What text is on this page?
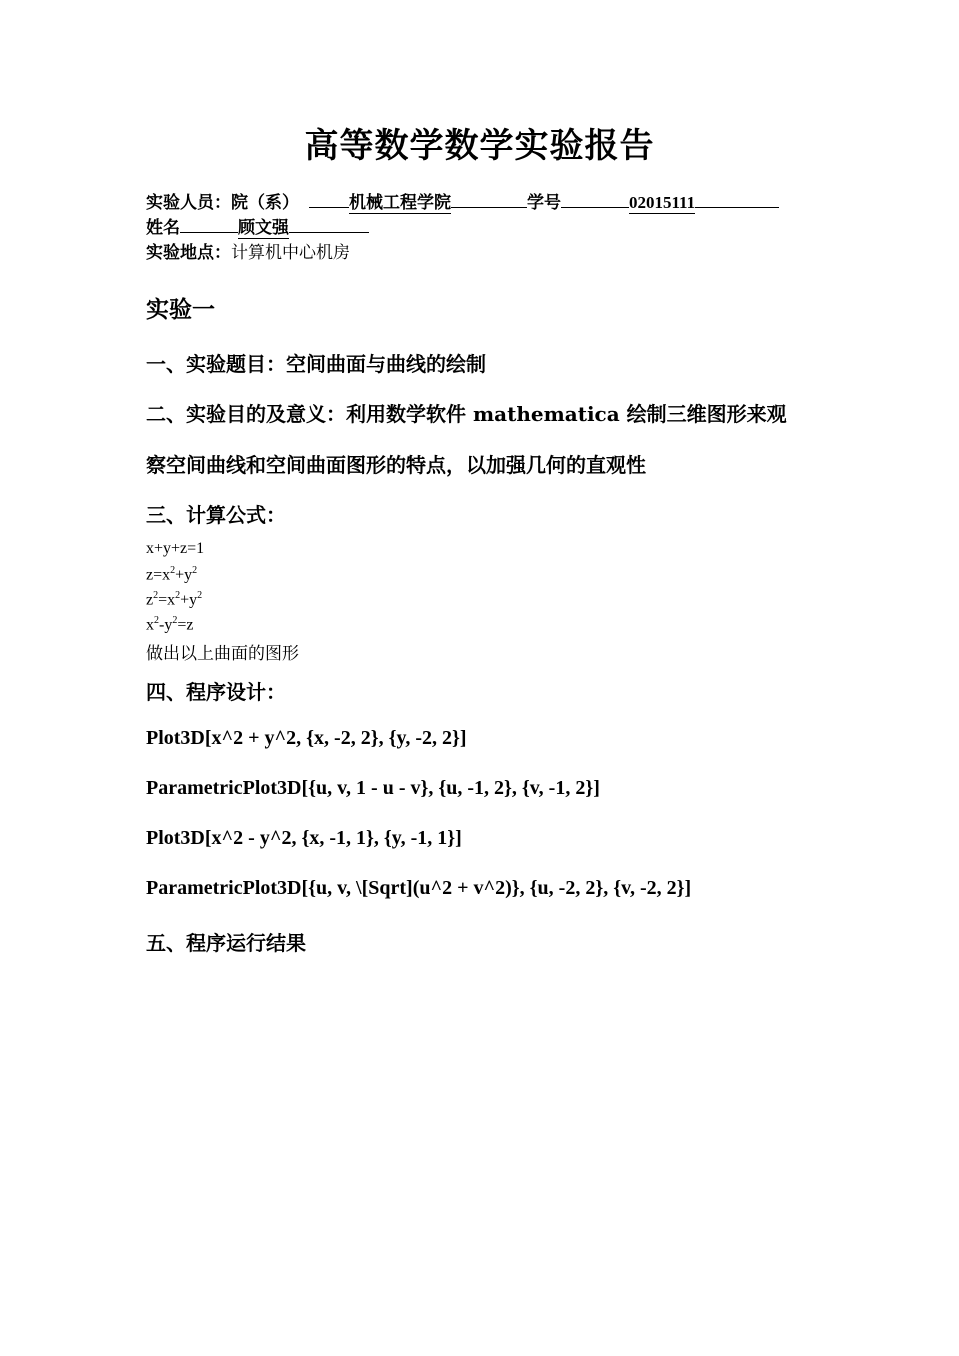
高等数学数学实验报告
实验人员：院（系）	机械工程学院	学号	02015111
姓名	顾文强
实验地点：计算机中心机房
实验一
一、实验题目：空间曲面与曲线的绘制
二、实验目的及意义：利用数学软件 mathematica 绘制三维图形来观
察空间曲线和空间曲面图形的特点，以加强几何的直观性
三、计算公式：
x+y+z=1
$z=x^2+y^2$
$z^2=x^2+y^2$
$x^2-y^2=z$
做出以上曲面的图形
四、程序设计：
Plot3D[x^2 + y^2, {x, -2, 2}, {y, -2, 2}]
ParametricPlot3D[{u, v, 1 - u - v}, {u, -1, 2}, {v, -1, 2}]
Plot3D[x^2 - y^2, {x, -1, 1}, {y, -1, 1}]
ParametricPlot3D[{u, v, \[Sqrt](u^2 + v^2)}, {u, -2, 2}, {v, -2, 2}]
五、程序运行结果
